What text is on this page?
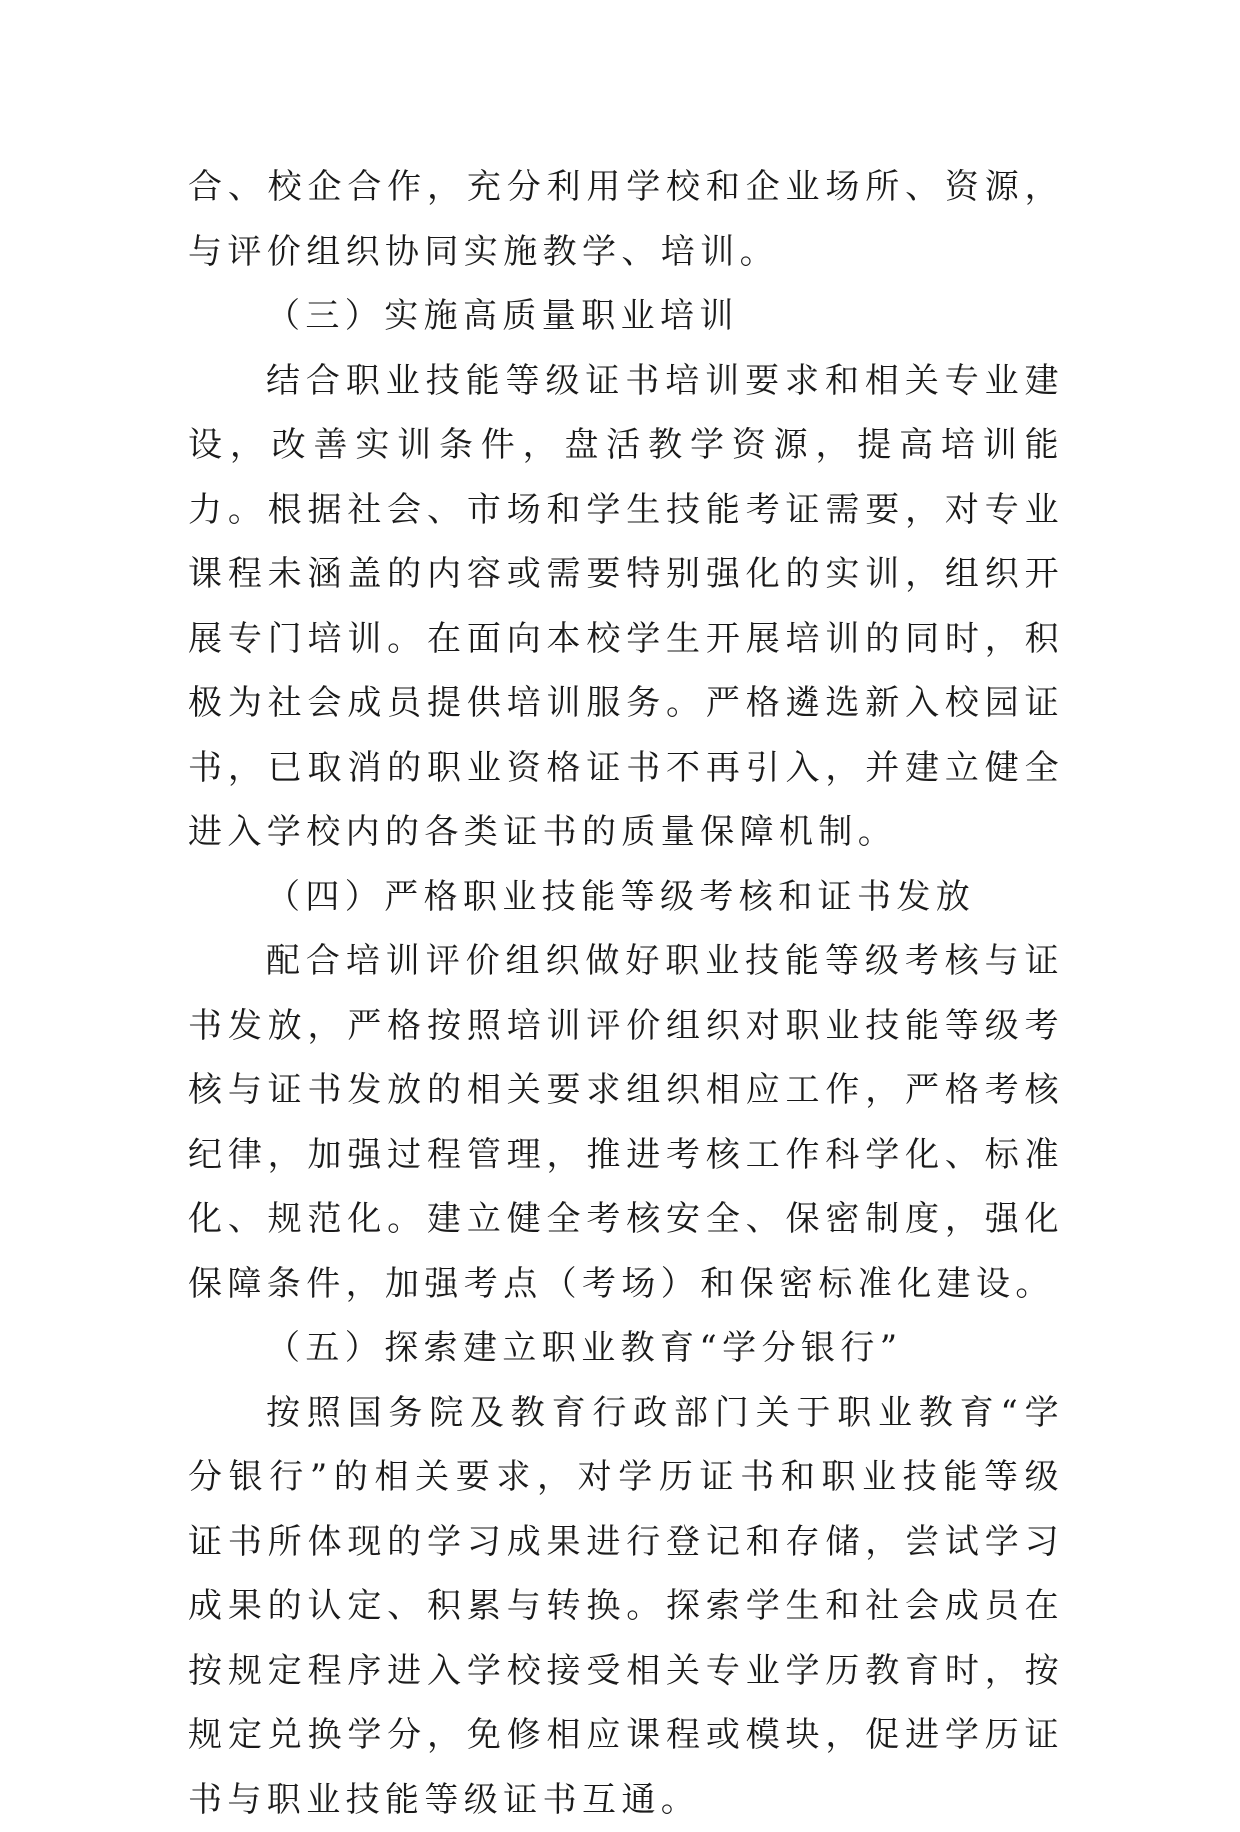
合、校企合作，充分利用学校和企业场所、资源，与评价组织协同实施教学、培训。

（三）实施高质量职业培训

结合职业技能等级证书培训要求和相关专业建设，改善实训条件，盘活教学资源，提高培训能力。根据社会、市场和学生技能考证需要，对专业课程未涵盖的内容或需要特别强化的实训，组织开展专门培训。在面向本校学生开展培训的同时，积极为社会成员提供培训服务。严格遴选新入校园证书，已取消的职业资格证书不再引入，并建立健全进入学校内的各类证书的质量保障机制。

（四）严格职业技能等级考核和证书发放

配合培训评价组织做好职业技能等级考核与证书发放，严格按照培训评价组织对职业技能等级考核与证书发放的相关要求组织相应工作，严格考核纪律，加强过程管理，推进考核工作科学化、标准化、规范化。建立健全考核安全、保密制度，强化保障条件，加强考点（考场）和保密标准化建设。

（五）探索建立职业教育“学分银行”

按照国务院及教育行政部门关于职业教育“学分银行”的相关要求，对学历证书和职业技能等级证书所体现的学习成果进行登记和存储，尝试学习成果的认定、积累与转换。探索学生和社会成员在按规定程序进入学校接受相关专业学历教育时，按规定兑换学分，免修相应课程或模块，促进学历证书与职业技能等级证书互通。
